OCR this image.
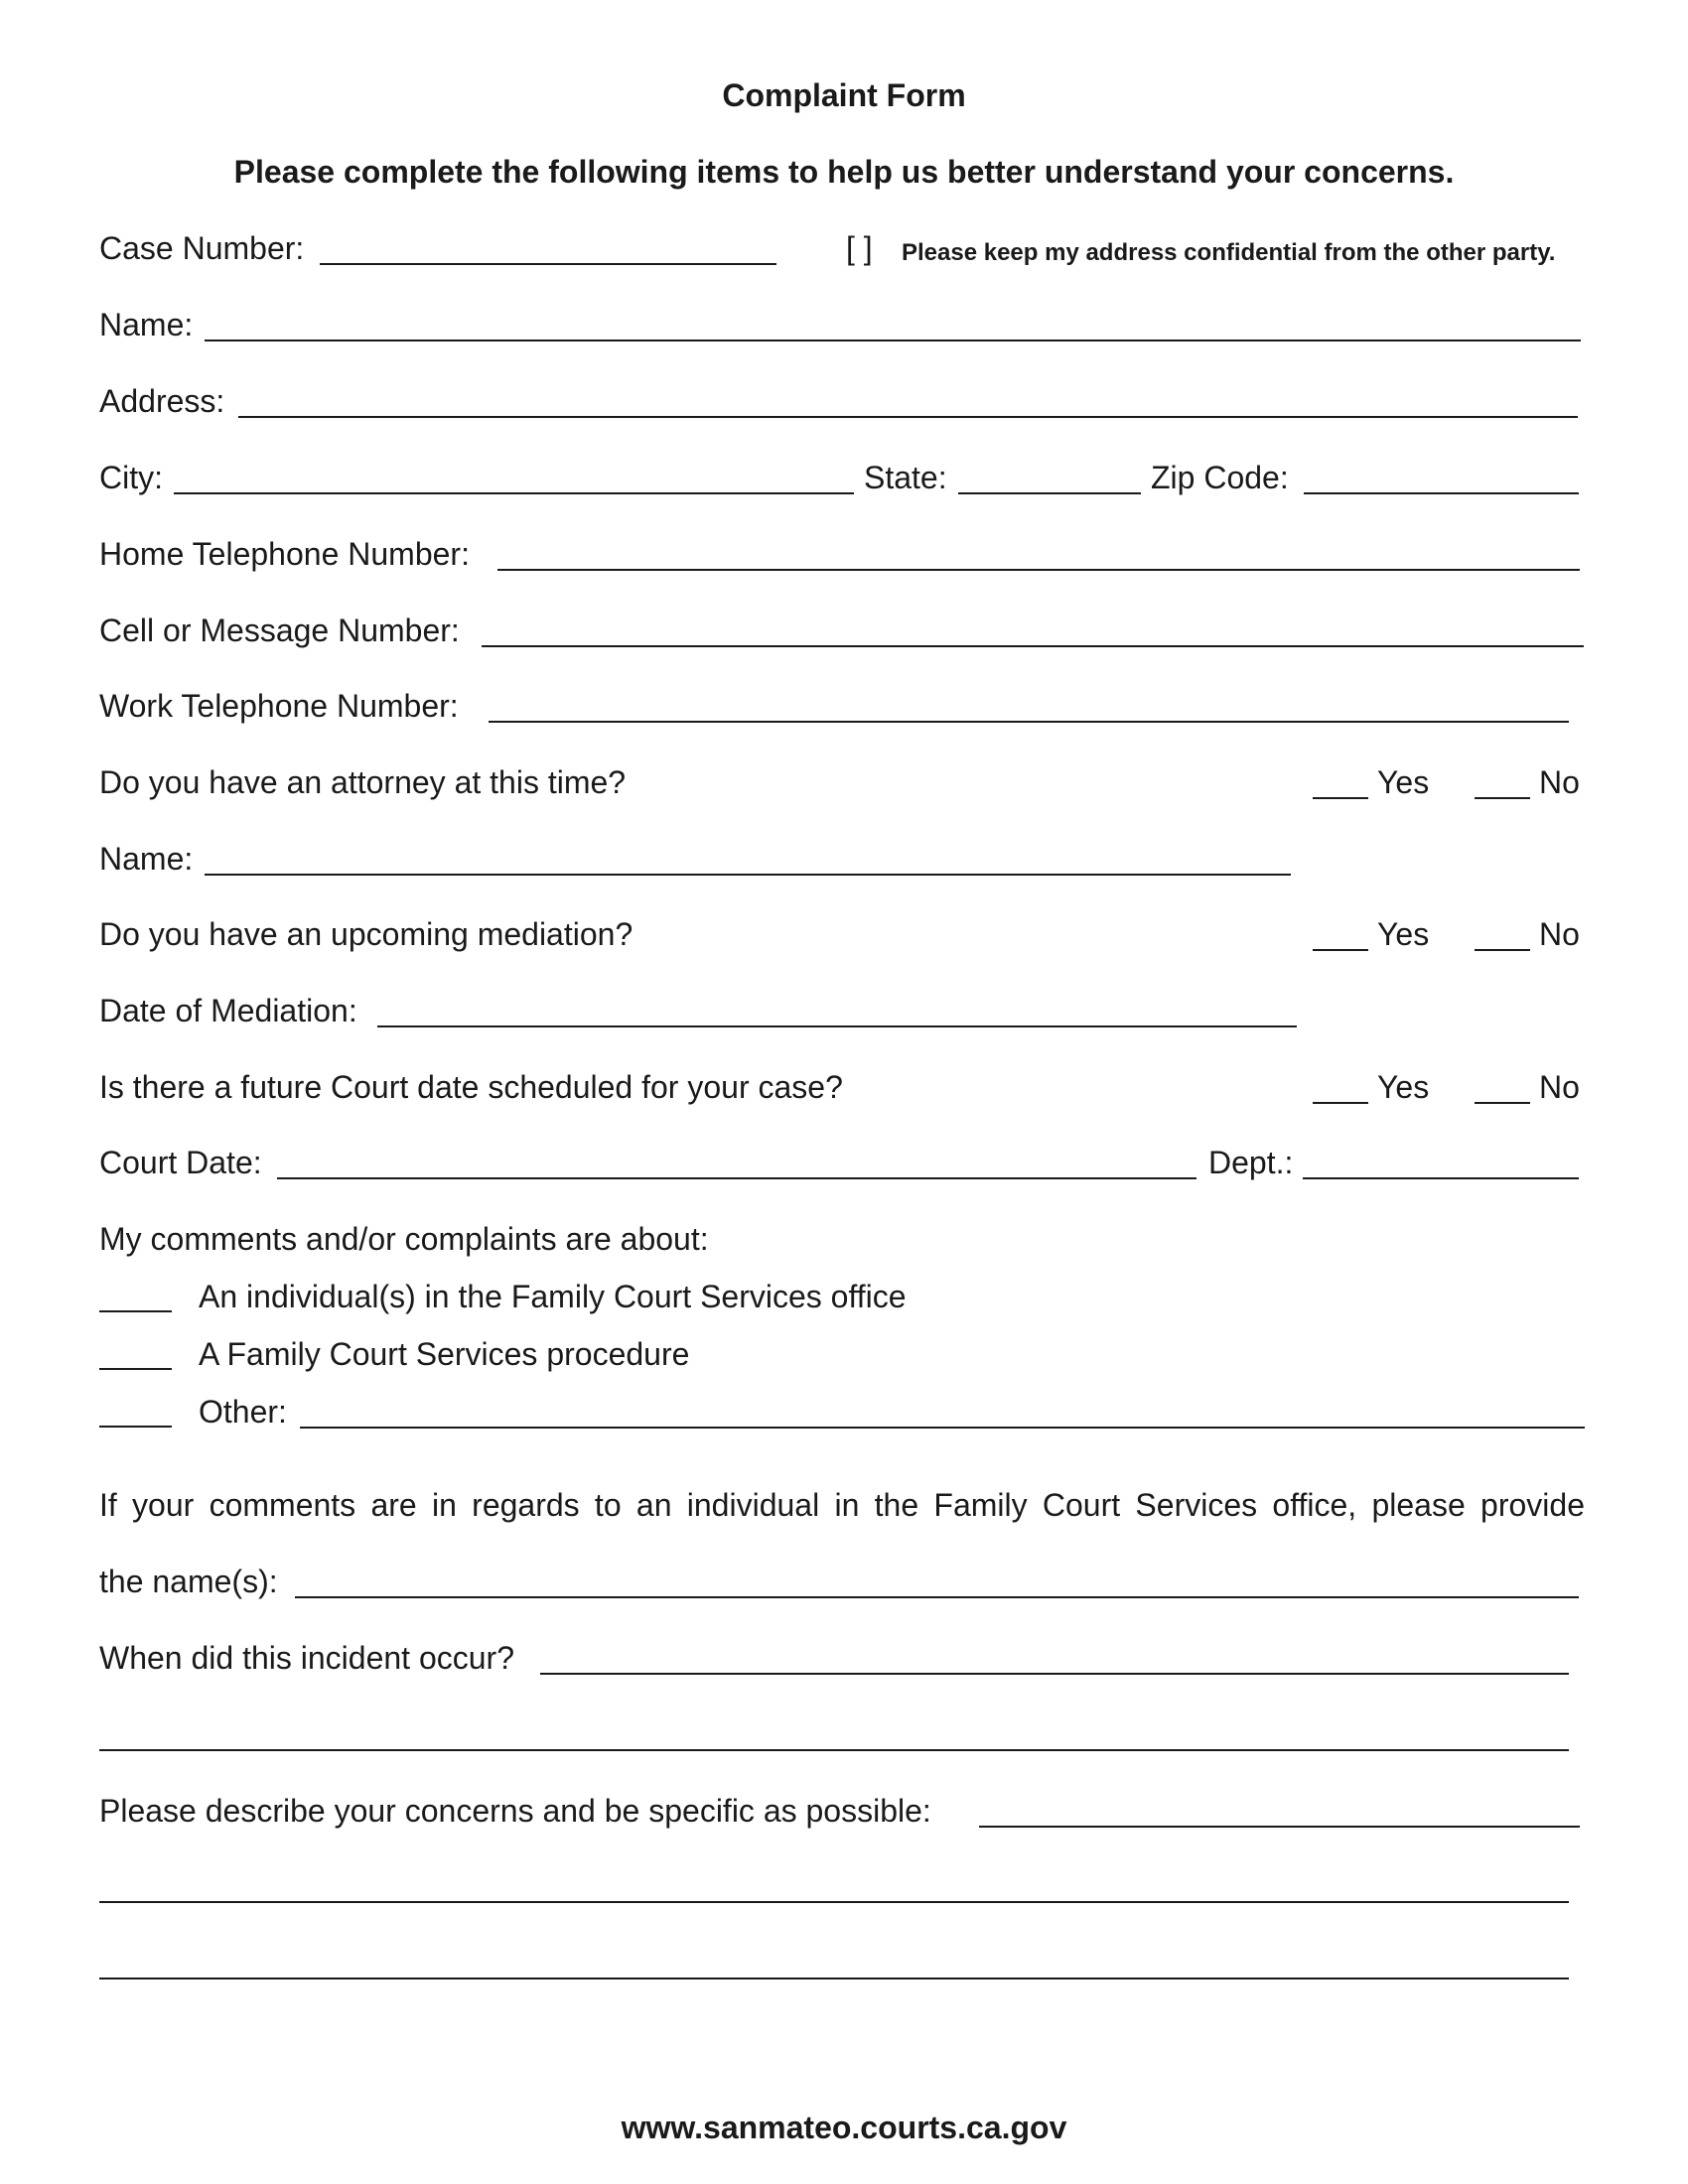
Complaint Form
Please complete the following items to help us better understand your concerns.
Case Number:	[ ] Please keep my address confidential from the other party.
Name:
Address:
City:	State:	Zip Code:
Home Telephone Number:
Cell or Message Number:
Work Telephone Number:
Do you have an attorney at this time?	Yes	No
Name:
Do you have an upcoming mediation?	Yes	No
Date of Mediation:
Is there a future Court date scheduled for your case?	Yes	No
Court Date:	Dept.:
My comments and/or complaints are about:
An individual(s) in the Family Court Services office
A Family Court Services procedure
Other:
If your comments are in regards to an individual in the Family Court Services office, please provide
the name(s):
When did this incident occur?
Please describe your concerns and be specific as possible:
www.sanmateo.courts.ca.gov
